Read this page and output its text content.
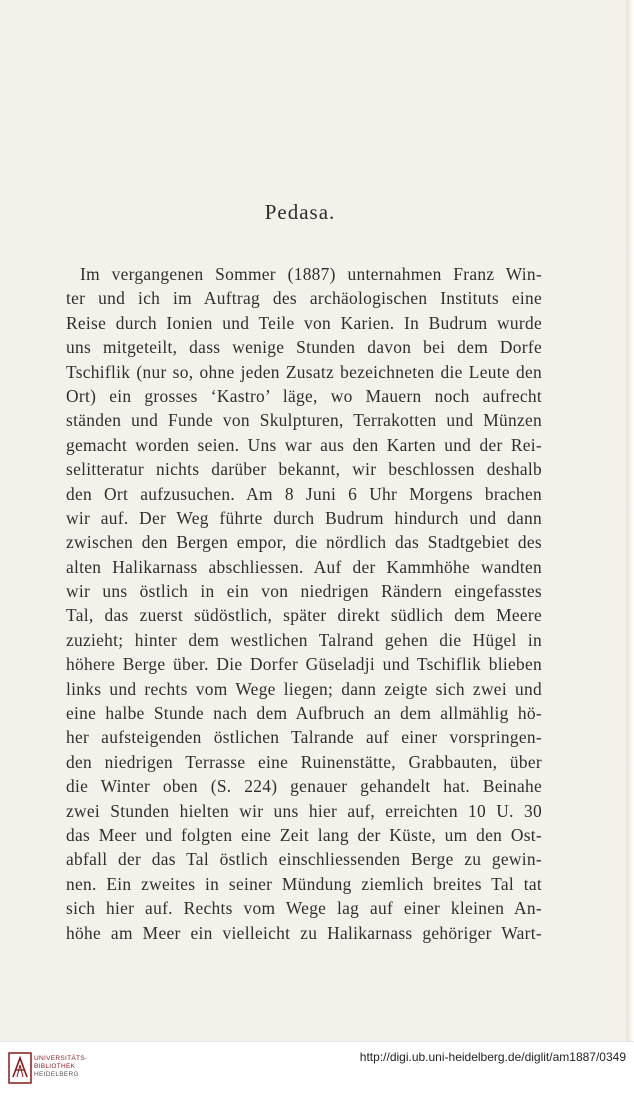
Pedasa.
Im vergangenen Sommer (1887) unternahmen Franz Win-
ter und ich im Auftrag des archäologischen Instituts eine
Reise durch Ionien und Teile von Karien. In Budrum wurde
uns mitgeteilt, dass wenige Stunden davon bei dem Dorfe
Tschiflik (nur so, ohne jeden Zusatz bezeichneten die Leute den
Ort) ein grosses ‘Kastro’ läge, wo Mauern noch aufrecht
ständen und Funde von Skulpturen, Terrakotten und Münzen
gemacht worden seien. Uns war aus den Karten und der Rei-
selitteratur nichts darüber bekannt, wir beschlossen deshalb
den Ort aufzusuchen. Am 8 Juni 6 Uhr Morgens brachen
wir auf. Der Weg führte durch Budrum hindurch und dann
zwischen den Bergen empor, die nördlich das Stadtgebiet des
alten Halikarnass abschliessen. Auf der Kammhöhe wandten
wir uns östlich in ein von niedrigen Rändern eingefasstes
Tal, das zuerst südöstlich, später direkt südlich dem Meere
zuzieht; hinter dem westlichen Talrand gehen die Hügel in
höhere Berge über. Die Dorfer Güseladji und Tschiflik blieben
links und rechts vom Wege liegen; dann zeigte sich zwei und
eine halbe Stunde nach dem Aufbruch an dem allmählig hö-
her aufsteigenden östlichen Talrande auf einer vorspringen-
den niedrigen Terrasse eine Ruinenstätte, Grabbauten, über
die Winter oben (S. 224) genauer gehandelt hat. Beinahe
zwei Stunden hielten wir uns hier auf, erreichten 10 U. 30
das Meer und folgten eine Zeit lang der Küste, um den Ost-
abfall der das Tal östlich einschliessenden Berge zu gewin-
nen. Ein zweites in seiner Mündung ziemlich breites Tal tat
sich hier auf. Rechts vom Wege lag auf einer kleinen An-
höhe am Meer ein vielleicht zu Halikarnass gehöriger Wart-
UNIVERSITÄTS-
BIBLIOTHEK
HEIDELBERG
http://digi.ub.uni-heidelberg.de/diglit/am1887/0349
